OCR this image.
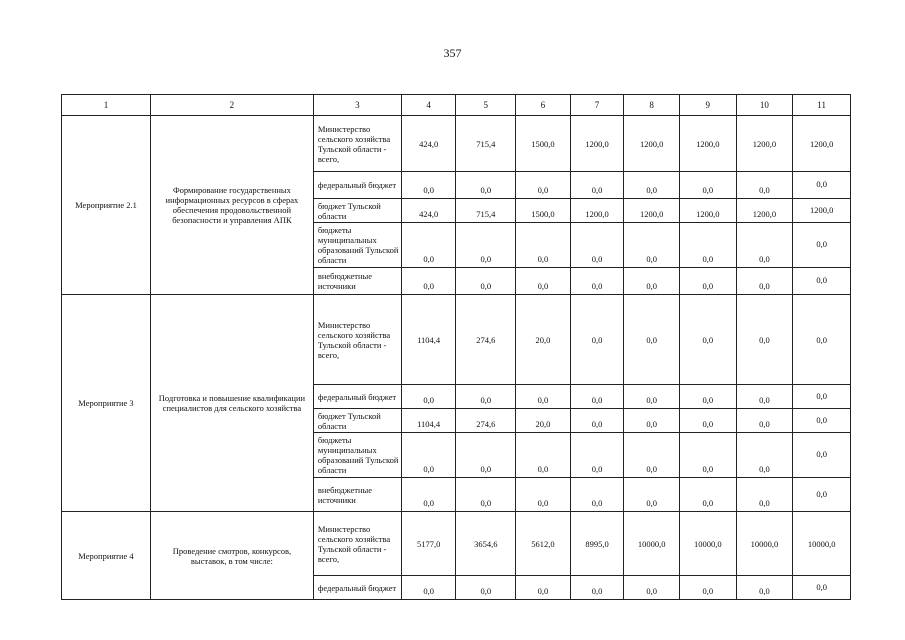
357
1	2	3	4	5	6	7	8	9	10	11
Мероприятие 2.1	Формирование государственных информационных ресурсов в сферах обеспечения продовольственной безопасности и управления АПК	Министерство сельского хозяйства Тульской области - всего,	424,0	715,4	1500,0	1200,0	1200,0	1200,0	1200,0	1200,0
		федеральный бюджет	0,0	0,0	0,0	0,0	0,0	0,0	0,0	0,0
		бюджет Тульской области	424,0	715,4	1500,0	1200,0	1200,0	1200,0	1200,0	1200,0
		бюджеты муниципальных образований Тульской области	0,0	0,0	0,0	0,0	0,0	0,0	0,0	0,0
		внебюджетные источники	0,0	0,0	0,0	0,0	0,0	0,0	0,0	0,0
Мероприятие 3	Подготовка и повышение квалификации специалистов для сельского хозяйства	Министерство сельского хозяйства Тульской области - всего,	1104,4	274,6	20,0	0,0	0,0	0,0	0,0	0,0
		федеральный бюджет	0,0	0,0	0,0	0,0	0,0	0,0	0,0	0,0
		бюджет Тульской области	1104,4	274,6	20,0	0,0	0,0	0,0	0,0	0,0
		бюджеты муниципальных образований Тульской области	0,0	0,0	0,0	0,0	0,0	0,0	0,0	0,0
		внебюджетные источники	0,0	0,0	0,0	0,0	0,0	0,0	0,0	0,0
Мероприятие 4	Проведение смотров, конкурсов, выставок, в том числе:	Министерство сельского хозяйства Тульской области - всего,	5177,0	3654,6	5612,0	8995,0	10000,0	10000,0	10000,0	10000,0
		федеральный бюджет	0,0	0,0	0,0	0,0	0,0	0,0	0,0	0,0
